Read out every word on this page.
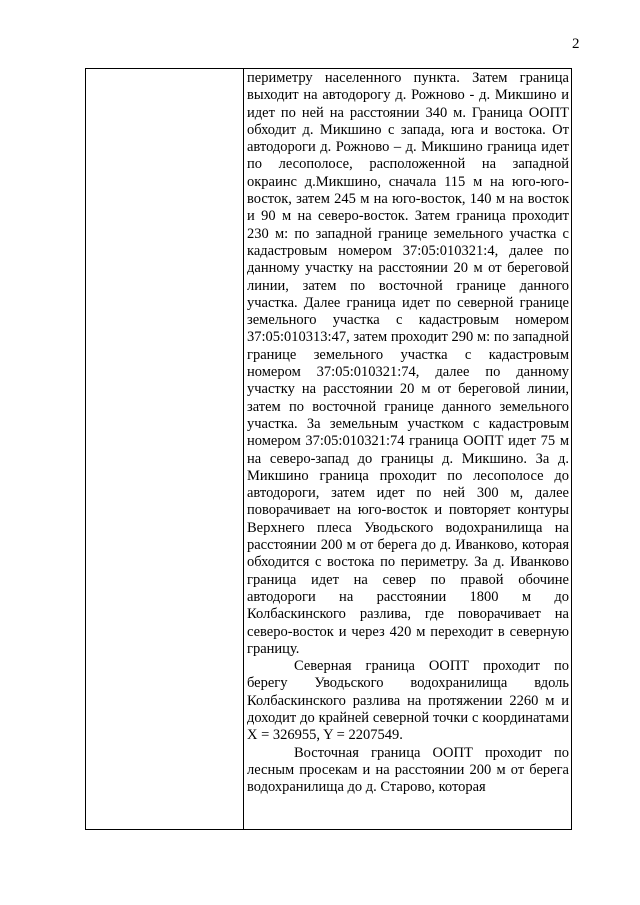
2

периметру населенного пункта. Затем граница выходит на автодорогу д. Рожново - д. Микшино и идет по ней на расстоянии 340 м. Граница ООПТ обходит д. Микшино с запада, юга и востока. От автодороги д. Рожново – д. Микшино граница идет по лесополосе, расположенной на западной окраинс д.Микшино, сначала 115 м на юго-юго-восток, затем 245 м на юго-восток, 140 м на восток и 90 м на северо-восток. Затем граница проходит 230 м: по западной границе земельного участка с кадастровым номером 37:05:010321:4, далее по данному участку на расстоянии 20 м от береговой линии, затем по восточной границе данного участка. Далее граница идет по северной границе земельного участка с кадастровым номером 37:05:010313:47, затем проходит 290 м: по западной границе земельного участка с кадастровым номером 37:05:010321:74, далее по данному участку на расстоянии 20 м от береговой линии, затем по восточной границе данного земельного участка. За земельным участком с кадастровым номером 37:05:010321:74 граница ООПТ идет 75 м на северо-запад до границы д. Микшино. За д. Микшино граница проходит по лесополосе до автодороги, затем идет по ней 300 м, далее поворачивает на юго-восток и повторяет контуры Верхнего плеса Уводьского водохранилища на расстоянии 200 м от берега до д. Иванково, которая обходится с востока по периметру. За д. Иванково граница идет на север по правой обочине автодороги на расстоянии 1800 м до Колбаскинского разлива, где поворачивает на северо-восток и через 420 м переходит в северную границу.

Северная граница ООПТ проходит по берегу Уводьского водохранилища вдоль Колбаскинского разлива на протяжении 2260 м и доходит до крайней северной точки с координатами X = 326955, Y = 2207549.

Восточная граница ООПТ проходит по лесным просекам и на расстоянии 200 м от берега водохранилища до д. Старово, которая
